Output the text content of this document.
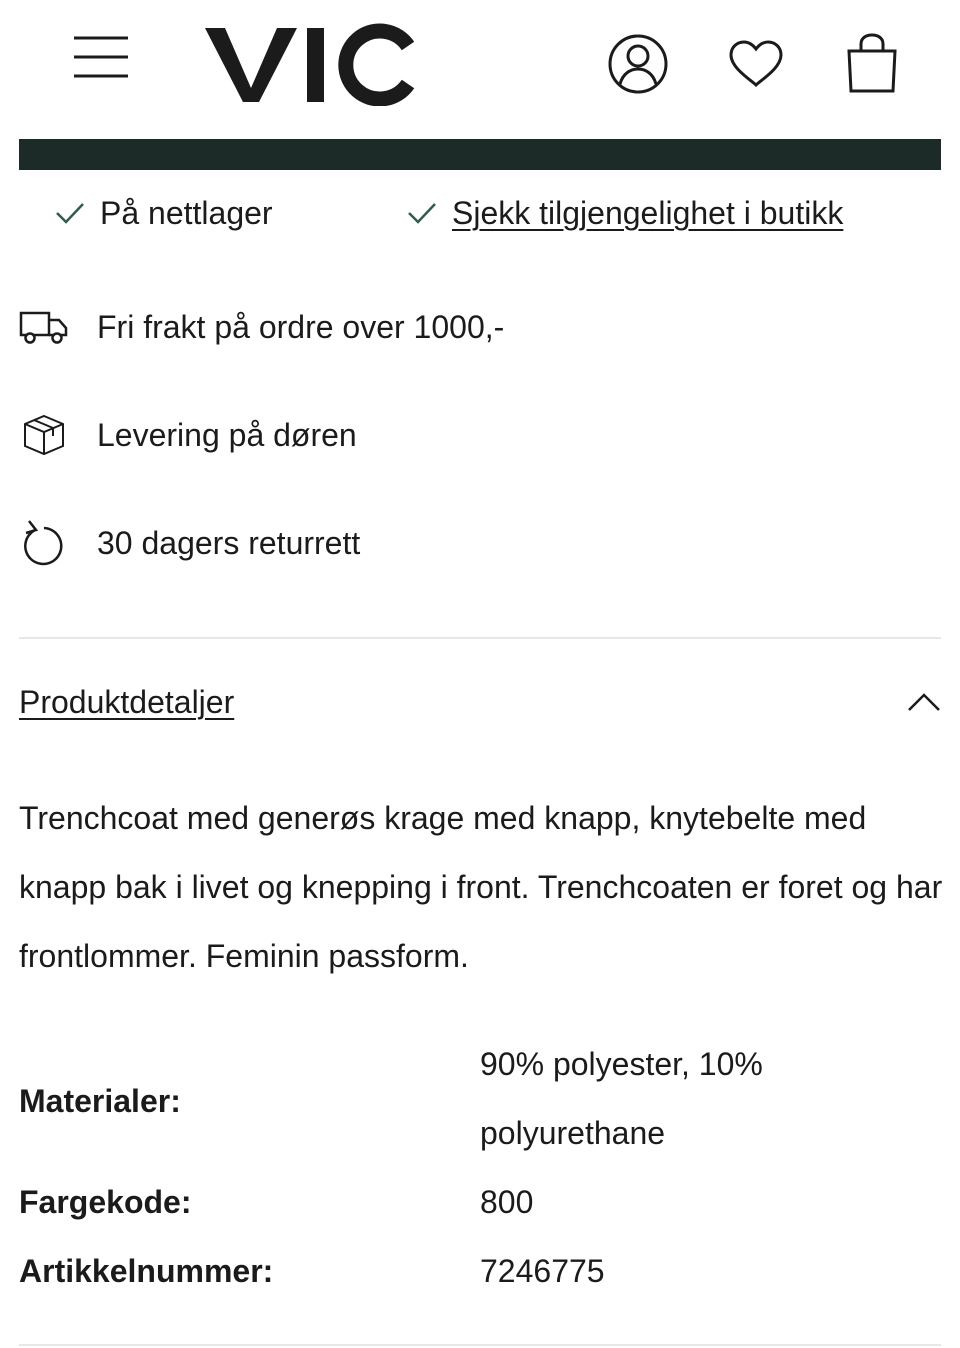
På nettlager	Sjekk tilgjengelighet i butikk
Fri frakt på ordre over 1000,-
Levering på døren
30 dagers returrett
Produktdetaljer

Trenchcoat med generøs krage med knapp, knytebelte med knapp bak i livet og knepping i front. Trenchcoaten er foret og har frontlommer. Feminin passform.

Materialer:
90% polyester, 10% polyurethane
Fargekode:	800
Artikkelnummer:	7246775
